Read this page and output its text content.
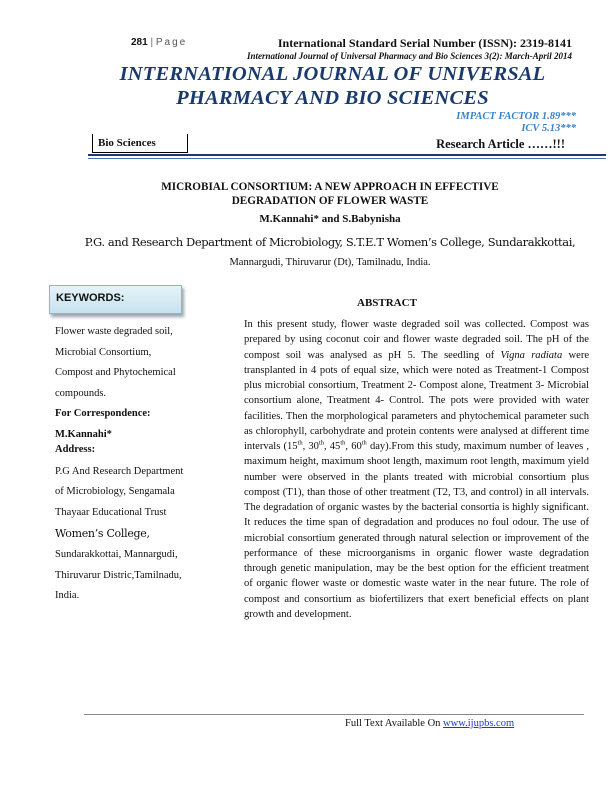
281 | Page	International Standard Serial Number (ISSN): 2319-8141
International Journal of Universal Pharmacy and Bio Sciences 3(2): March-April 2014
INTERNATIONAL JOURNAL OF UNIVERSAL
PHARMACY AND BIO SCIENCES
IMPACT FACTOR 1.89***
ICV 5.13***
Bio Sciences	Research Article ……!!!
MICROBIAL CONSORTIUM: A NEW APPROACH IN EFFECTIVE
DEGRADATION OF FLOWER WASTE
M.Kannahi* and S.Babynisha
P.G. and Research Department of Microbiology, S.T.E.T Women’s College, Sundarakkottai,
Mannargudi, Thiruvarur (Dt), Tamilnadu, India.
KEYWORDS:
Flower waste degraded soil,
Microbial Consortium,
Compost and Phytochemical
compounds.
For Correspondence:
M.Kannahi*
Address:
P.G And Research Department
of Microbiology, Sengamala
Thayaar Educational Trust
Women’s College,
Sundarakkottai, Mannargudi,
Thiruvarur Distric,Tamilnadu,
India.
ABSTRACT
In this present study, flower waste degraded soil was collected. Compost was prepared by using coconut coir and flower waste degraded soil. The pH of the compost soil was analysed as pH 5. The seedling of Vigna radiata were transplanted in 4 pots of equal size, which were noted as Treatment-1 Compost plus microbial consortium, Treatment 2- Compost alone, Treatment 3- Microbial consortium alone, Treatment 4- Control. The pots were provided with water facilities. Then the morphological parameters and phytochemical parameter such as chlorophyll, carbohydrate and protein contents were analysed at different time intervals (15th, 30th, 45th, 60th day).From this study, maximum number of leaves , maximum height, maximum shoot length, maximum root length, maximum yield number were observed in the plants treated with microbial consortium plus compost (T1), than those of other treatment (T2, T3, and control) in all intervals. The degradation of organic wastes by the bacterial consortia is highly significant. It reduces the time span of degradation and produces no foul odour. The use of microbial consortium generated through natural selection or improvement of the performance of these microorganisms in organic flower waste degradation through genetic manipulation, may be the best option for the efficient treatment of organic flower waste or domestic waste water in the near future. The role of compost and consortium as biofertilizers that exert beneficial effects on plant growth and development.
Full Text Available On www.ijupbs.com
